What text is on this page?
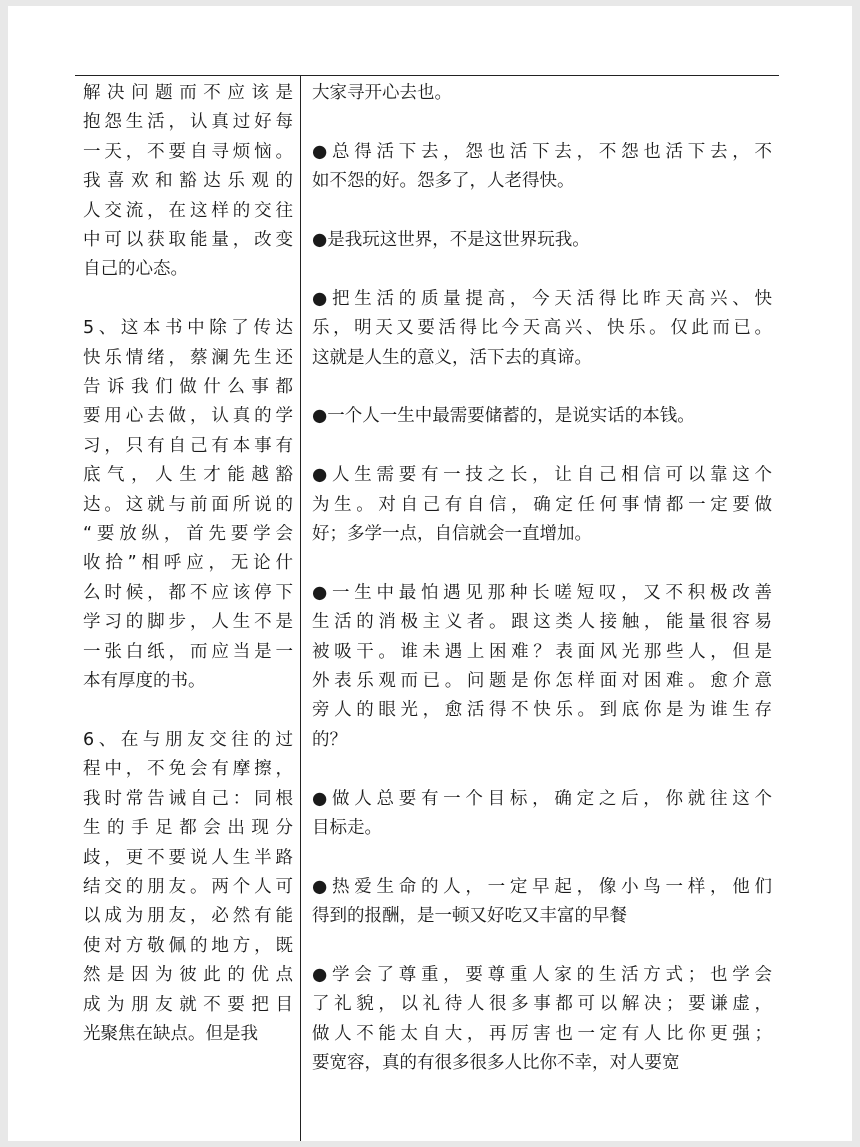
解决问题而不应该是

抱怨生活，认真过好每

一天，不要自寻烦恼。

我喜欢和豁达乐观的

人交流，在这样的交往

中可以获取能量，改变

自己的心态。

5、这本书中除了传达

快乐情绪，蔡澜先生还

告诉我们做什么事都

要用心去做，认真的学

习，只有自己有本事有

底气，人生才能越豁

达。这就与前面所说的

“要放纵，首先要学会

收拾”相呼应，无论什

么时候，都不应该停下

学习的脚步，人生不是

一张白纸，而应当是一

本有厚度的书。

6、在与朋友交往的过

程中，不免会有摩擦，

我时常告诫自己：同根

生的手足都会出现分

歧，更不要说人生半路

结交的朋友。两个人可

以成为朋友，必然有能

使对方敬佩的地方，既

然是因为彼此的优点

成为朋友就不要把目

光聚焦在缺点。但是我

大家寻开心去也。

●总得活下去，怨也活下去，不怨也活下去，不

如不怨的好。怨多了，人老得快。

●是我玩这世界，不是这世界玩我。

●把生活的质量提高，今天活得比昨天高兴、快

乐，明天又要活得比今天高兴、快乐。仅此而已。

这就是人生的意义，活下去的真谛。

●一个人一生中最需要储蓄的，是说实话的本钱。

●人生需要有一技之长，让自己相信可以靠这个

为生。对自己有自信，确定任何事情都一定要做

好；多学一点，自信就会一直增加。

●一生中最怕遇见那种长嗟短叹，又不积极改善

生活的消极主义者。跟这类人接触，能量很容易

被吸干。谁未遇上困难？表面风光那些人，但是

外表乐观而已。问题是你怎样面对困难。愈介意

旁人的眼光，愈活得不快乐。到底你是为谁生存

的？

●做人总要有一个目标，确定之后，你就往这个

目标走。

●热爱生命的人，一定早起，像小鸟一样，他们

得到的报酬，是一顿又好吃又丰富的早餐

●学会了尊重，要尊重人家的生活方式；也学会

了礼貌，以礼待人很多事都可以解决；要谦虚，

做人不能太自大，再厉害也一定有人比你更强；

要宽容，真的有很多很多人比你不幸，对人要宽
